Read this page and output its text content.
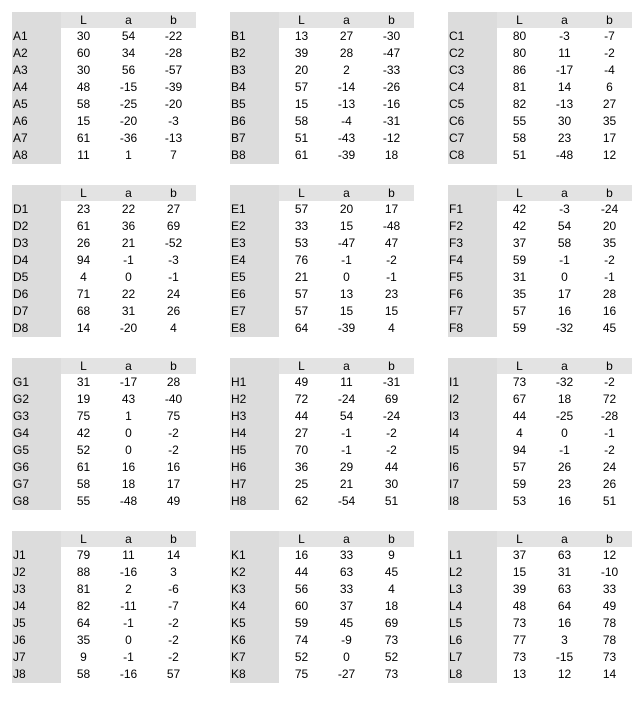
L	a	b
A1	30	54	-22
A2	60	34	-28
A3	30	56	-57
A4	48	-15	-39
A5	58	-25	-20
A6	15	-20	-3
A7	61	-36	-13
A8	11	1	7
L	a	b
B1	13	27	-30
B2	39	28	-47
B3	20	2	-33
B4	57	-14	-26
B5	15	-13	-16
B6	58	-4	-31
B7	51	-43	-12
B8	61	-39	18
L	a	b
C1	80	-3	-7
C2	80	11	-2
C3	86	-17	-4
C4	81	14	6
C5	82	-13	27
C6	55	30	35
C7	58	23	17
C8	51	-48	12
L	a	b
D1	23	22	27
D2	61	36	69
D3	26	21	-52
D4	94	-1	-3
D5	4	0	-1
D6	71	22	24
D7	68	31	26
D8	14	-20	4
L	a	b
E1	57	20	17
E2	33	15	-48
E3	53	-47	47
E4	76	-1	-2
E5	21	0	-1
E6	57	13	23
E7	57	15	15
E8	64	-39	4
L	a	b
F1	42	-3	-24
F2	42	54	20
F3	37	58	35
F4	59	-1	-2
F5	31	0	-1
F6	35	17	28
F7	57	16	16
F8	59	-32	45
L	a	b
G1	31	-17	28
G2	19	43	-40
G3	75	1	75
G4	42	0	-2
G5	52	0	-2
G6	61	16	16
G7	58	18	17
G8	55	-48	49
L	a	b
H1	49	11	-31
H2	72	-24	69
H3	44	54	-24
H4	27	-1	-2
H5	70	-1	-2
H6	36	29	44
H7	25	21	30
H8	62	-54	51
L	a	b
I1	73	-32	-2
I2	67	18	72
I3	44	-25	-28
I4	4	0	-1
I5	94	-1	-2
I6	57	26	24
I7	59	23	26
I8	53	16	51
L	a	b
J1	79	11	14
J2	88	-16	3
J3	81	2	-6
J4	82	-11	-7
J5	64	-1	-2
J6	35	0	-2
J7	9	-1	-2
J8	58	-16	57
L	a	b
K1	16	33	9
K2	44	63	45
K3	56	33	4
K4	60	37	18
K5	59	45	69
K6	74	-9	73
K7	52	0	52
K8	75	-27	73
L	a	b
L1	37	63	12
L2	15	31	-10
L3	39	63	33
L4	48	64	49
L5	73	16	78
L6	77	3	78
L7	73	-15	73
L8	13	12	14
